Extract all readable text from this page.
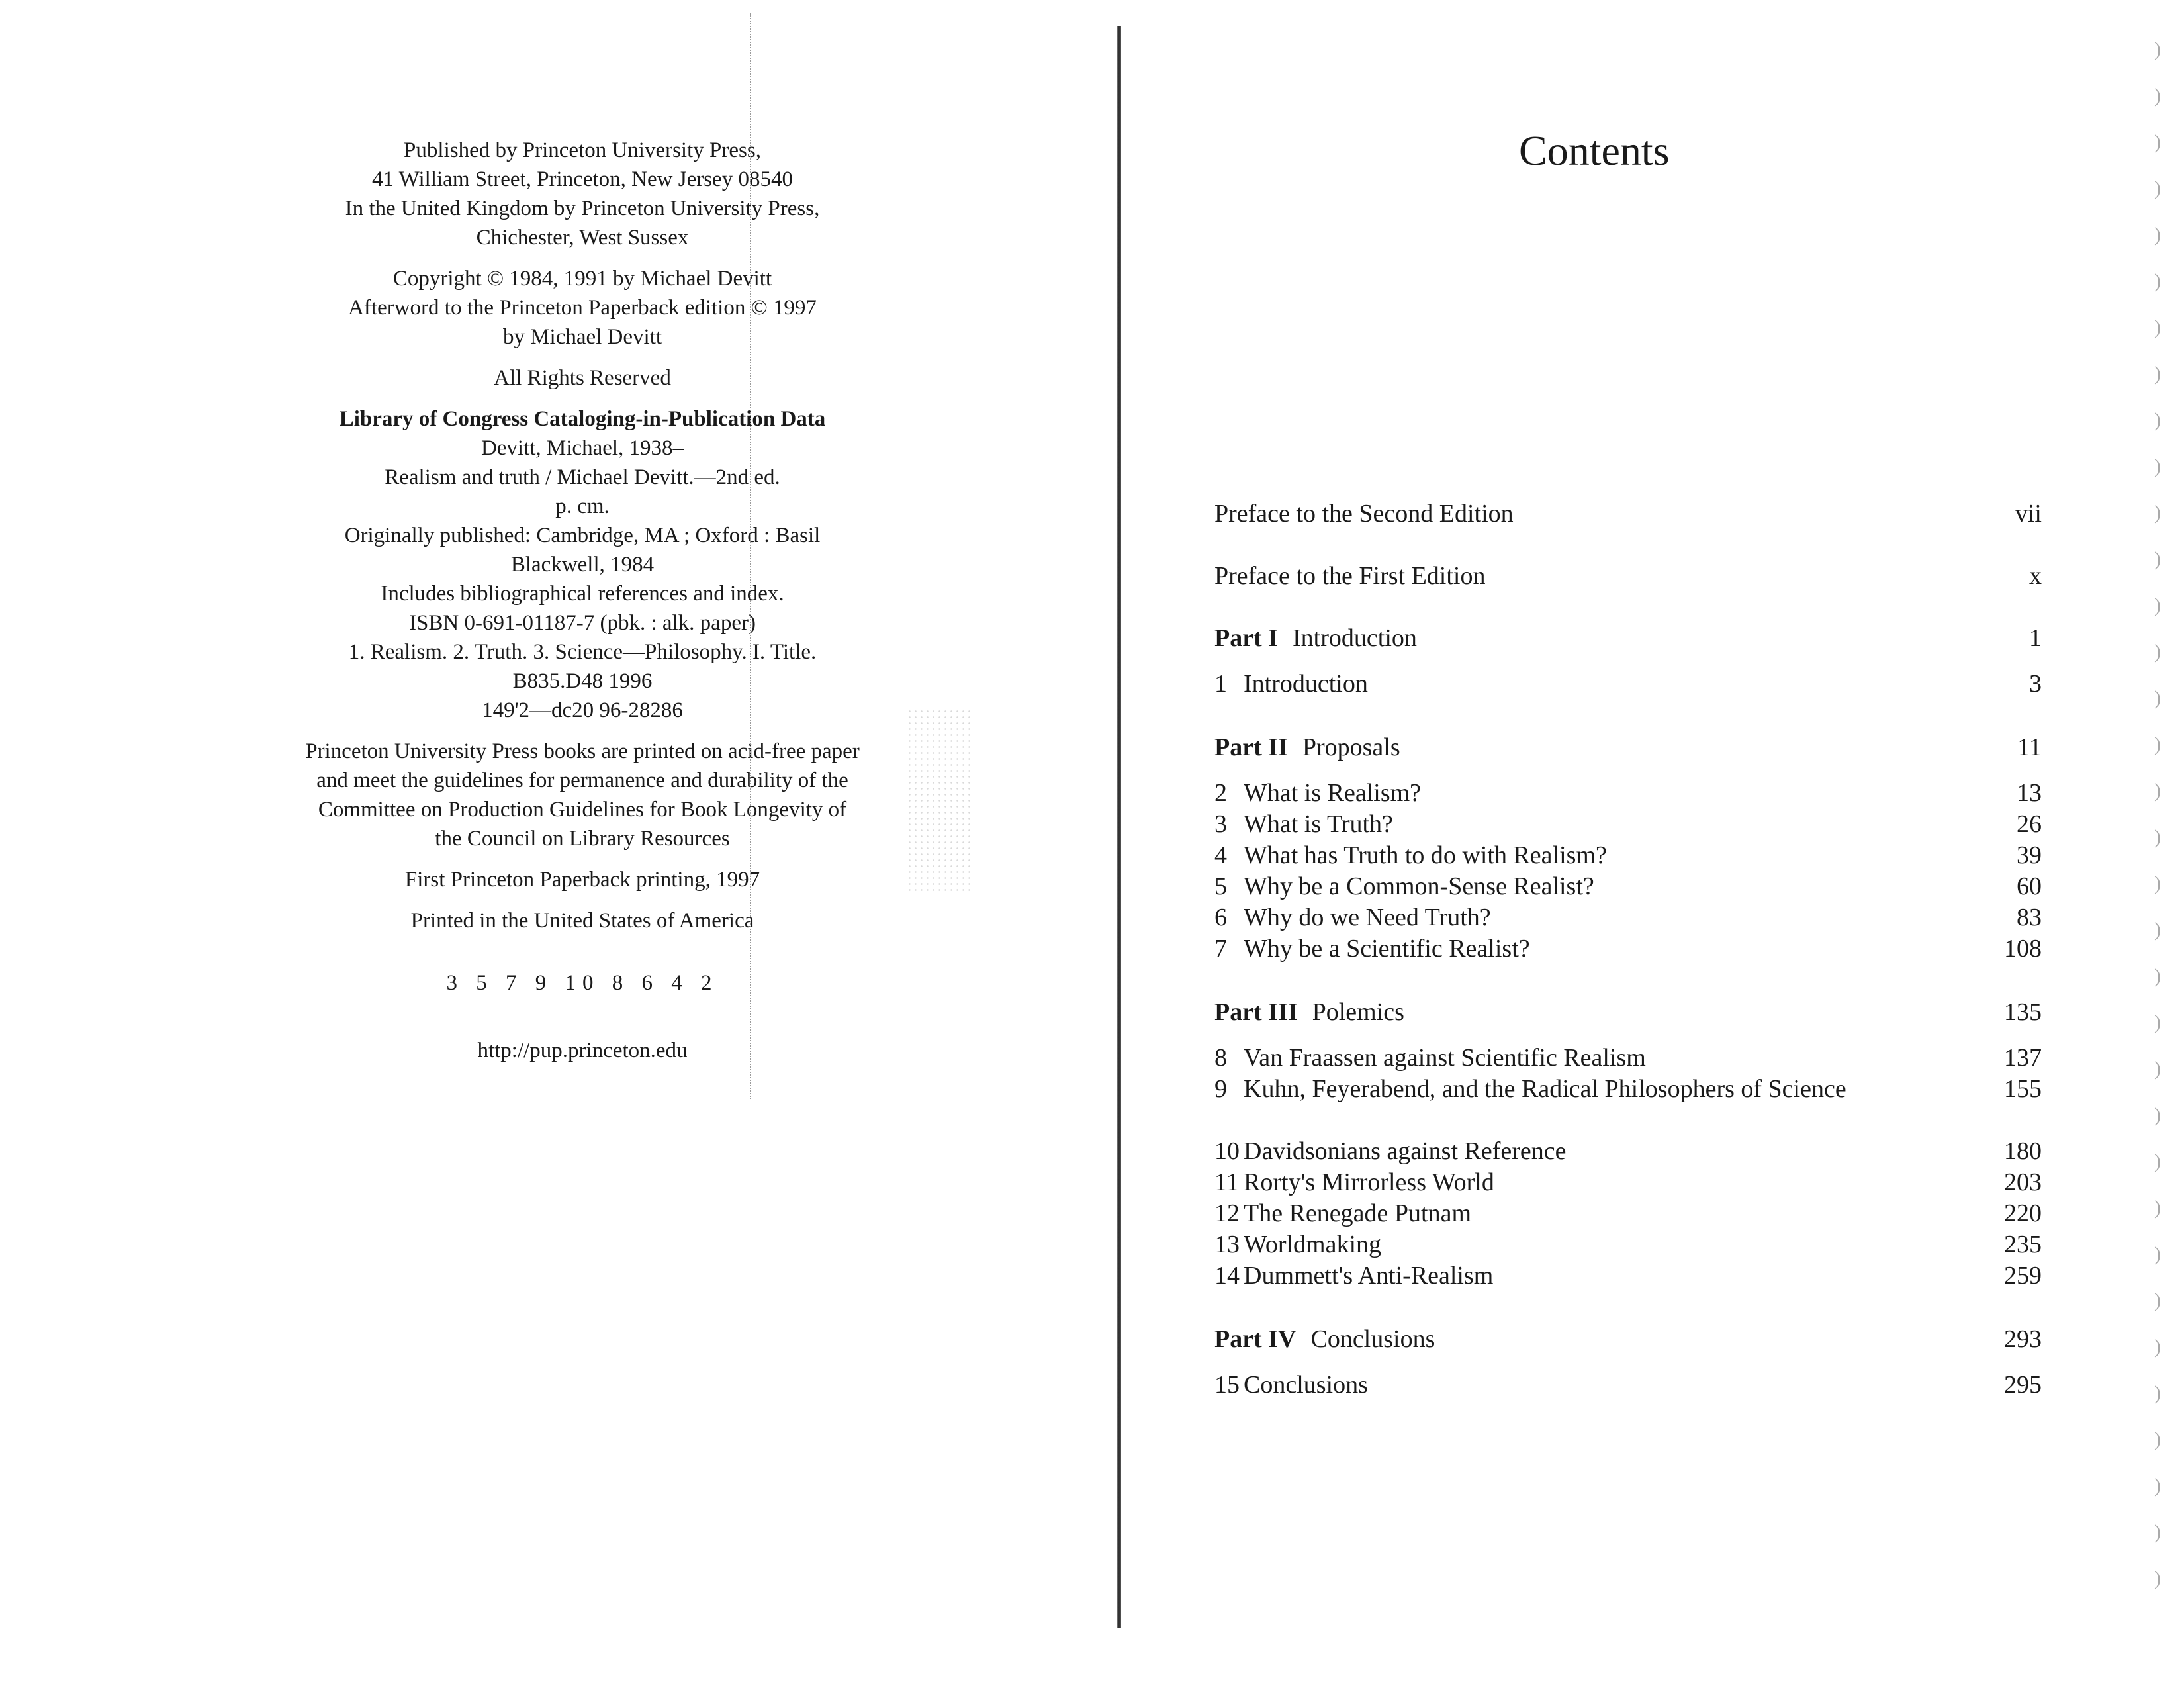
Published by Princeton University Press,
41 William Street, Princeton, New Jersey 08540
In the United Kingdom by Princeton University Press,
Chichester, West Sussex
Copyright © 1984, 1991 by Michael Devitt
Afterword to the Princeton Paperback edition © 1997
by Michael Devitt
All Rights Reserved
Library of Congress Cataloging-in-Publication Data
Devitt, Michael, 1938–
Realism and truth / Michael Devitt.—2nd ed.
p. cm.
Originally published: Cambridge, MA ; Oxford : Basil
Blackwell, 1984
Includes bibliographical references and index.
ISBN 0-691-01187-7 (pbk. : alk. paper)
1. Realism. 2. Truth. 3. Science—Philosophy. I. Title.
B835.D48 1996
149'2—dc20 96-28286
Princeton University Press books are printed on acid-free paper
and meet the guidelines for permanence and durability of the
Committee on Production Guidelines for Book Longevity of
the Council on Library Resources
First Princeton Paperback printing, 1997
Printed in the United States of America
3 5 7 9 10 8 6 4 2
http://pup.princeton.edu
Contents
Preface to the Second Edition	vii
Preface to the First Edition	x
Part I Introduction	1
1 Introduction	3
Part II Proposals	11
2 What is Realism?	13
3 What is Truth?	26
4 What has Truth to do with Realism?	39
5 Why be a Common-Sense Realist?	60
6 Why do we Need Truth?	83
7 Why be a Scientific Realist?	108
Part III Polemics	135
8 Van Fraassen against Scientific Realism	137
9 Kuhn, Feyerabend, and the Radical Philosophers of Science	155
10 Davidsonians against Reference	180
11 Rorty's Mirrorless World	203
12 The Renegade Putnam	220
13 Worldmaking	235
14 Dummett's Anti-Realism	259
Part IV Conclusions	293
15 Conclusions	295
)
)
)
)
)
)
)
)
)
)
)
)
)
)
)
)
)
)
)
)
)
)
)
)
)
)
)
)
)
)
)
)
)
)
